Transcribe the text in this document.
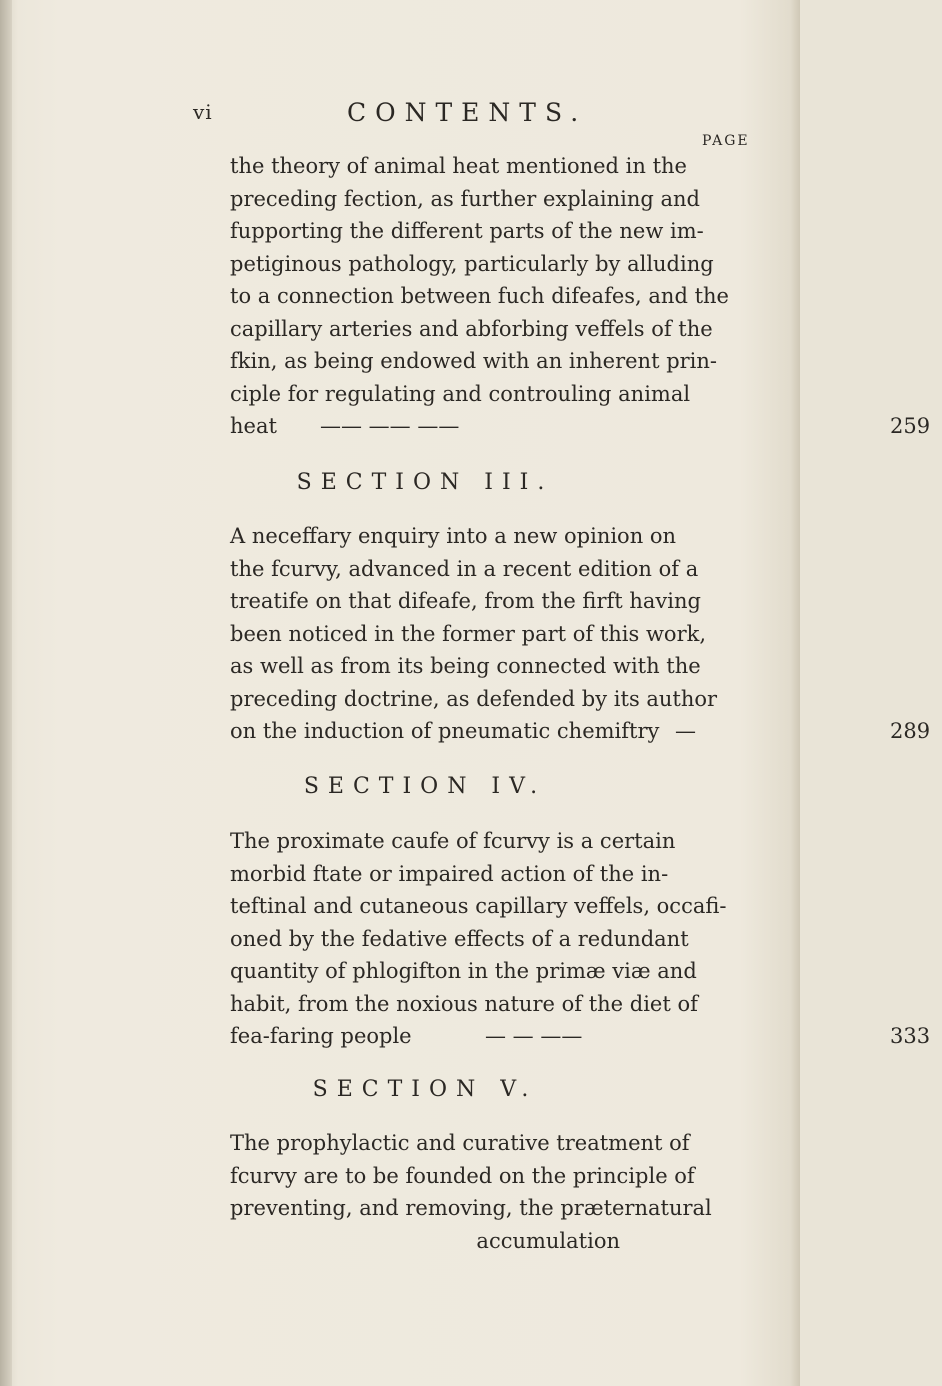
vi	CONTENTS.
PAGE
the theory of animal heat mentioned in the
preceding fection, as further explaining and
fupporting the different parts of the new im-
petiginous pathology, particularly by alluding
to a connection between fuch difeafes, and the
capillary arteries and abforbing veffels of the
fkin, as being endowed with an inherent prin-
ciple for regulating and controuling animal
heat —— —— ——	259
SECTION III.
A neceffary enquiry into a new opinion on
the fcurvy, advanced in a recent edition of a
treatife on that difeafe, from the firft having
been noticed in the former part of this work,
as well as from its being connected with the
preceding doctrine, as defended by its author
on the induction of pneumatic chemiftry —	289
SECTION IV.
The proximate caufe of fcurvy is a certain
morbid ftate or impaired action of the in-
teftinal and cutaneous capillary veffels, occafi-
oned by the fedative effects of a redundant
quantity of phlogifton in the primæ viæ and
habit, from the noxious nature of the diet of
fea-faring people	— — ——	333
SECTION V.
The prophylactic and curative treatment of
fcurvy are to be founded on the principle of
preventing, and removing, the præternatural
accumulation
